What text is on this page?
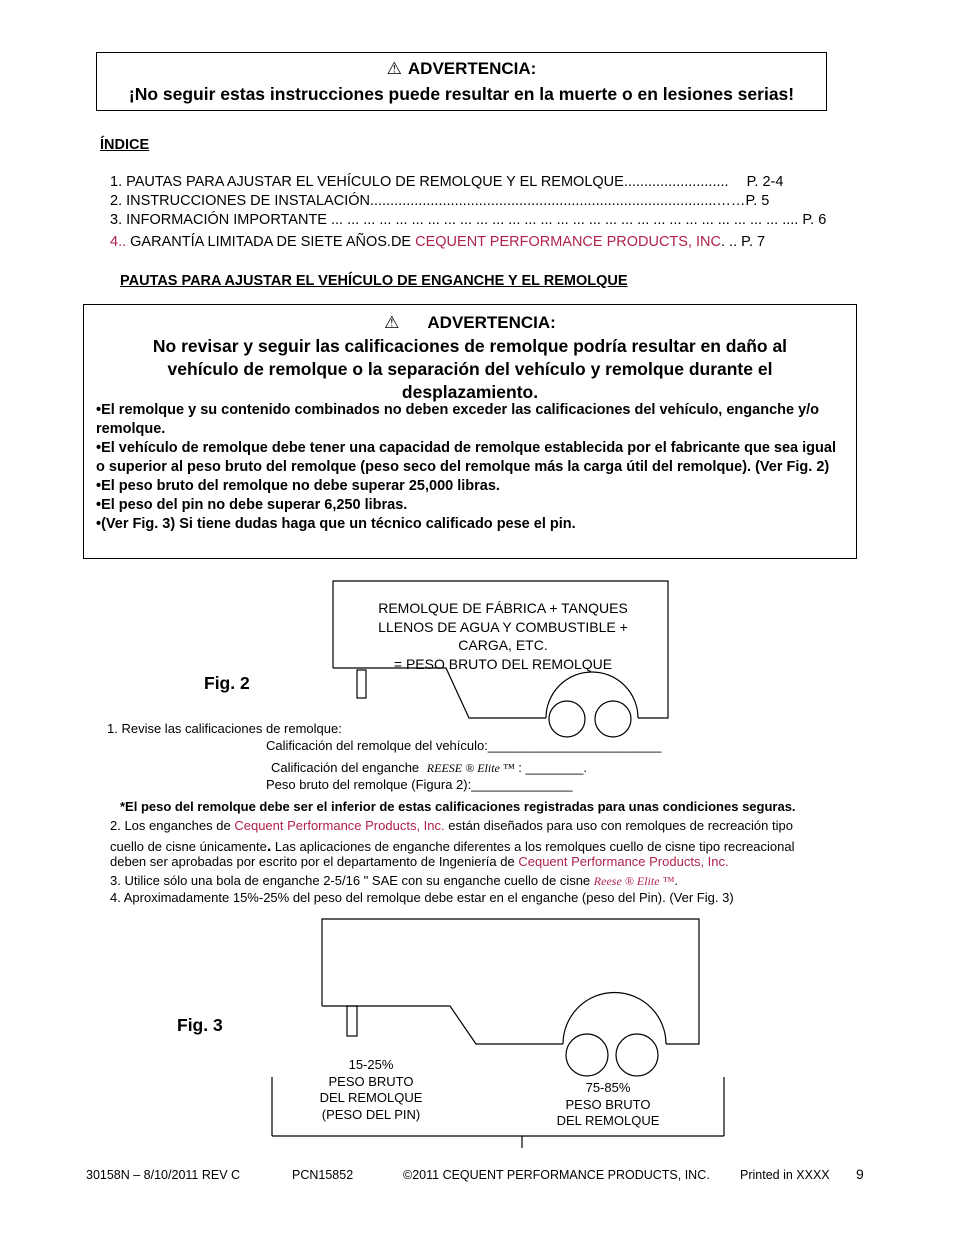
⚠ ADVERTENCIA:
¡No seguir estas instrucciones puede resultar en la muerte o en lesiones serias!
ÍNDICE
1. PAUTAS PARA AJUSTAR EL VEHÍCULO DE REMOLQUE Y EL REMOLQUE.......................... P. 2-4
2. INSTRUCCIONES DE INSTALACIÓN......................................................................................……P. 5
3. INFORMACIÓN IMPORTANTE ... ... ... ... ... ... ... ... ... ... ... ... ... ... ... ... ... ... ... ... ... ... ... ... ... ... ... ... .... P. 6
4.. GARANTÍA LIMITADA DE SIETE AÑOS.DE CEQUENT PERFORMANCE PRODUCTS, INC. .. P. 7
PAUTAS PARA AJUSTAR EL VEHÍCULO DE ENGANCHE Y EL REMOLQUE
⚠ ADVERTENCIA:
No revisar y seguir las calificaciones de remolque podría resultar en daño al
vehículo de remolque o la separación del vehículo y remolque durante el
desplazamiento.
•El remolque y su contenido combinados no deben exceder las calificaciones del vehículo, enganche y/o remolque.
•El vehículo de remolque debe tener una capacidad de remolque establecida por el fabricante que sea igual o superior al peso bruto del remolque (peso seco del remolque más la carga útil del remolque). (Ver Fig. 2)
•El peso bruto del remolque no debe superar 25,000 libras.
•El peso del pin no debe superar 6,250 libras.
•(Ver Fig. 3) Si tiene dudas haga que un técnico calificado pese el pin.
REMOLQUE DE FÁBRICA + TANQUES
LLENOS DE AGUA Y COMBUSTIBLE +
CARGA, ETC.
= PESO BRUTO DEL REMOLQUE
Fig. 2
1. Revise las calificaciones de remolque:
Calificación del remolque del vehículo:________________________
Calificación del enganche REESE ® Elite ™ : ________.
Peso bruto del remolque (Figura 2):______________
*El peso del remolque debe ser el inferior de estas calificaciones registradas para unas condiciones seguras.
2. Los enganches de Cequent Performance Products, Inc. están diseñados para uso con remolques de recreación tipo
cuello de cisne únicamente. Las aplicaciones de enganche diferentes a los remolques cuello de cisne tipo recreacional
deben ser aprobadas por escrito por el departamento de Ingeniería de Cequent Performance Products, Inc.
3. Utilice sólo una bola de enganche 2-5/16 " SAE con su enganche cuello de cisne Reese ® Elite ™.
4. Aproximadamente 15%-25% del peso del remolque debe estar en el enganche (peso del Pin). (Ver Fig. 3)
Fig. 3
15-25%
PESO BRUTO
DEL REMOLQUE
(PESO DEL PIN)
75-85%
PESO BRUTO
DEL REMOLQUE
30158N – 8/10/2011 REV C	PCN15852	©2011 CEQUENT PERFORMANCE PRODUCTS, INC. Printed in XXXX 9
